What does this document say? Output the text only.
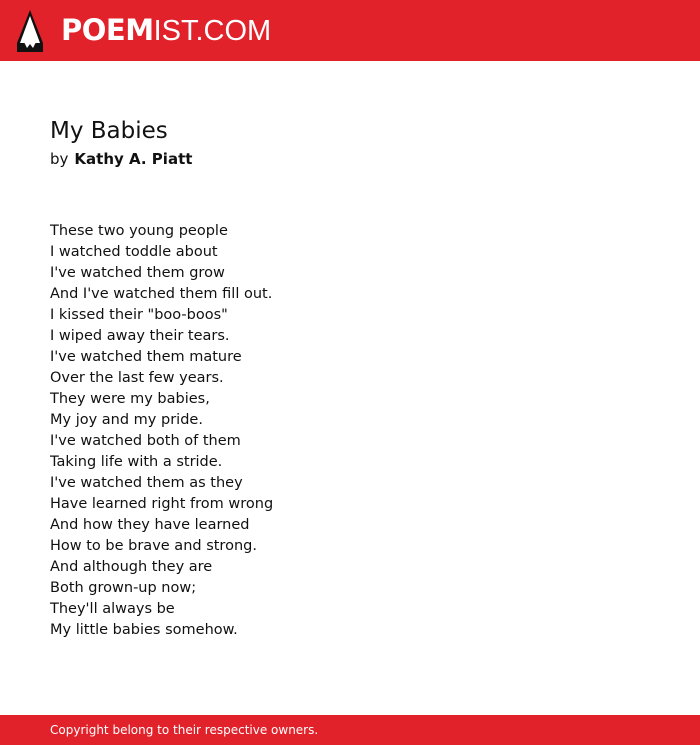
POEMIST.COM
My Babies
by Kathy A. Piatt
These two young people
I watched toddle about
I've watched them grow
And I've watched them fill out.
I kissed their "boo-boos"
I wiped away their tears.
I've watched them mature
Over the last few years.
They were my babies,
My joy and my pride.
I've watched both of them
Taking life with a stride.
I've watched them as they
Have learned right from wrong
And how they have learned
How to be brave and strong.
And although they are
Both grown-up now;
They'll always be
My little babies somehow.
Copyright belong to their respective owners.
